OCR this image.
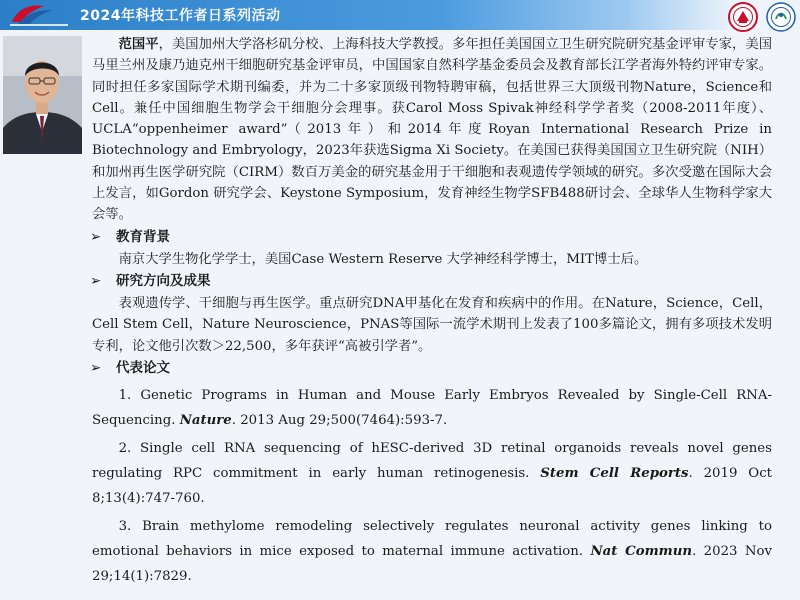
2024年科技工作者日系列活动

范国平，美国加州大学洛杉矶分校、上海科技大学教授。多年担任美国国立卫生研究院研究基金评审专家，美国马里兰州及康乃迪克州干细胞研究基金评审员，中国国家自然科学基金委员会及教育部长江学者海外特约评审专家。同时担任多家国际学术期刊编委，并为二十多家顶级刊物特聘审稿，包括世界三大顶级刊物Nature，Science和Cell。兼任中国细胞生物学会干细胞分会理事。获Carol Moss Spivak神经科学学者奖（2008-2011年度）、UCLA“oppenheimer award”（2013年）和2014年度Royan International Research Prize in Biotechnology and Embryology，2023年获选Sigma Xi Society。在美国已获得美国国立卫生研究院（NIH）和加州再生医学研究院（CIRM）数百万美金的研究基金用于干细胞和表观遗传学领域的研究。多次受邀在国际大会上发言，如Gordon 研究学会、Keystone Symposium，发育神经生物学SFB488研讨会、全球华人生物科学家大会等。

➢ 教育背景

南京大学生物化学学士，美国Case Western Reserve 大学神经科学博士，MIT博士后。

➢ 研究方向及成果

表观遗传学、干细胞与再生医学。重点研究DNA甲基化在发育和疾病中的作用。在Nature，Science，Cell，Cell Stem Cell，Nature Neuroscience，PNAS等国际一流学术期刊上发表了100多篇论文，拥有多项技术发明专利，论文他引次数＞22,500，多年获评“高被引学者”。

➢ 代表论文

1. Genetic Programs in Human and Mouse Early Embryos Revealed by Single-Cell RNA-Sequencing. Nature. 2013 Aug 29;500(7464):593-7.

2. Single cell RNA sequencing of hESC-derived 3D retinal organoids reveals novel genes regulating RPC commitment in early human retinogenesis. Stem Cell Reports. 2019 Oct 8;13(4):747-760.

3. Brain methylome remodeling selectively regulates neuronal activity genes linking to emotional behaviors in mice exposed to maternal immune activation. Nat Commun. 2023 Nov 29;14(1):7829.
